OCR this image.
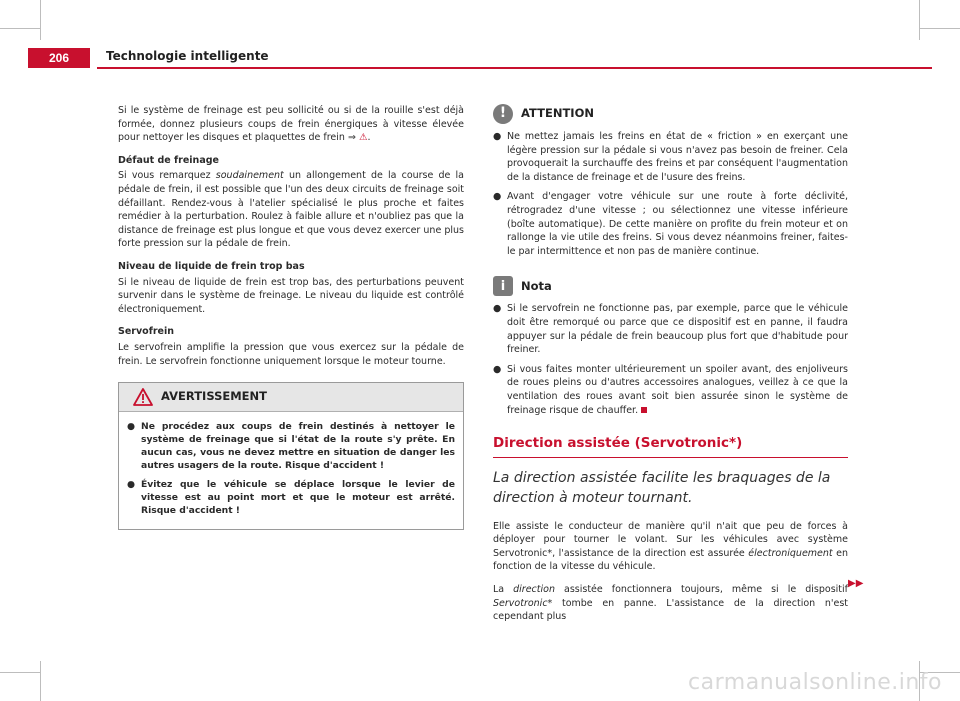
206	Technologie intelligente

Si le système de freinage est peu sollicité ou si de la rouille s'est déjà formée, donnez plusieurs coups de frein énergiques à vitesse élevée pour nettoyer les disques et plaquettes de frein ⇒ ⚠.

Défaut de freinage

Si vous remarquez soudainement un allongement de la course de la pédale de frein, il est possible que l'un des deux circuits de freinage soit défaillant. Rendez-vous à l'atelier spécialisé le plus proche et faites remédier à la perturbation. Roulez à faible allure et n'oubliez pas que la distance de freinage est plus longue et que vous devez exercer une plus forte pression sur la pédale de frein.

Niveau de liquide de frein trop bas

Si le niveau de liquide de frein est trop bas, des perturbations peuvent survenir dans le système de freinage. Le niveau du liquide est contrôlé électroniquement.

Servofrein

Le servofrein amplifie la pression que vous exercez sur la pédale de frein. Le servofrein fonctionne uniquement lorsque le moteur tourne.

AVERTISSEMENT
● Ne procédez aux coups de frein destinés à nettoyer le système de freinage que si l'état de la route s'y prête. En aucun cas, vous ne devez mettre en situation de danger les autres usagers de la route. Risque d'accident !
● Évitez que le véhicule se déplace lorsque le levier de vitesse est au point mort et que le moteur est arrêté. Risque d'accident !
!	ATTENTION
● Ne mettez jamais les freins en état de « friction » en exerçant une légère pression sur la pédale si vous n'avez pas besoin de freiner. Cela provoquerait la surchauffe des freins et par conséquent l'augmentation de la distance de freinage et de l'usure des freins.
● Avant d'engager votre véhicule sur une route à forte déclivité, rétrogradez d'une vitesse ; ou sélectionnez une vitesse inférieure (boîte automatique). De cette manière on profite du frein moteur et on rallonge la vie utile des freins. Si vous devez néanmoins freiner, faites-le par intermittence et non pas de manière continue.
i	Nota
● Si le servofrein ne fonctionne pas, par exemple, parce que le véhicule doit être remorqué ou parce que ce dispositif est en panne, il faudra appuyer sur la pédale de frein beaucoup plus fort que d'habitude pour freiner.
● Si vous faites monter ultérieurement un spoiler avant, des enjoliveurs de roues pleins ou d'autres accessoires analogues, veillez à ce que la ventilation des roues avant soit bien assurée sinon le système de freinage risque de chauffer.
Direction assistée (Servotronic*)
La direction assistée facilite les braquages de la direction à moteur tournant.

Elle assiste le conducteur de manière qu'il n'ait que peu de forces à déployer pour tourner le volant. Sur les véhicules avec système Servotronic*, l'assistance de la direction est assurée électroniquement en fonction de la vitesse du véhicule.

La direction assistée fonctionnera toujours, même si le dispositif Servotronic* tombe en panne. L'assistance de la direction n'est cependant plus

▶▶
carmanualsonline.info
